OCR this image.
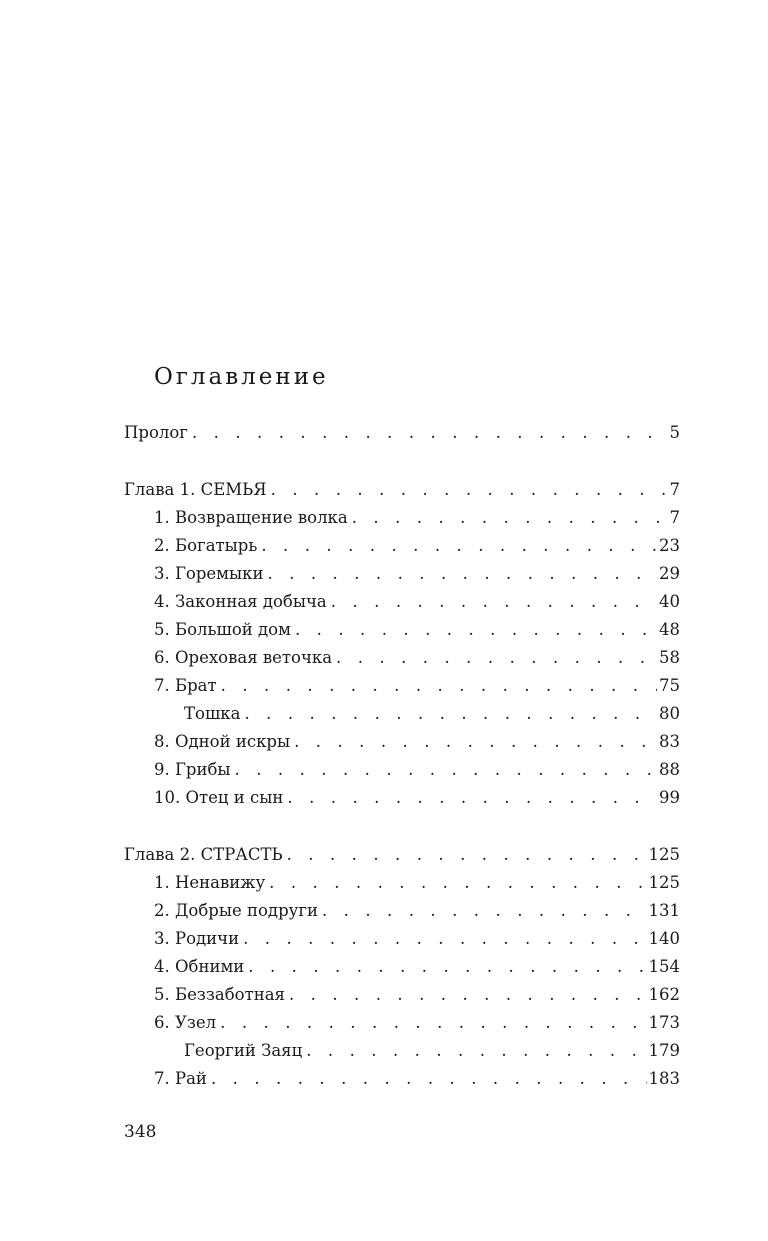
Оглавление
Пролог . . .	5
Глава 1. СЕМЬЯ . . .	7
1. Возвращение волка . . .	7
2. Богатырь . . .	23
3. Горемыки . . .	29
4. Законная добыча . . .	40
5. Большой дом . . .	48
6. Ореховая веточка . . .	58
7. Брат . . .	75
Тошка . . .	80
8. Одной искры . . .	83
9. Грибы . . .	88
10. Отец и сын . . .	99
Глава 2. СТРАСТЬ . . .	125
1. Ненавижу . . .	125
2. Добрые подруги . . .	131
3. Родичи . . .	140
4. Обними . . .	154
5. Беззаботная . . .	162
6. Узел . . .	173
Георгий Заяц . . .	179
7. Рай . . .	183
348
